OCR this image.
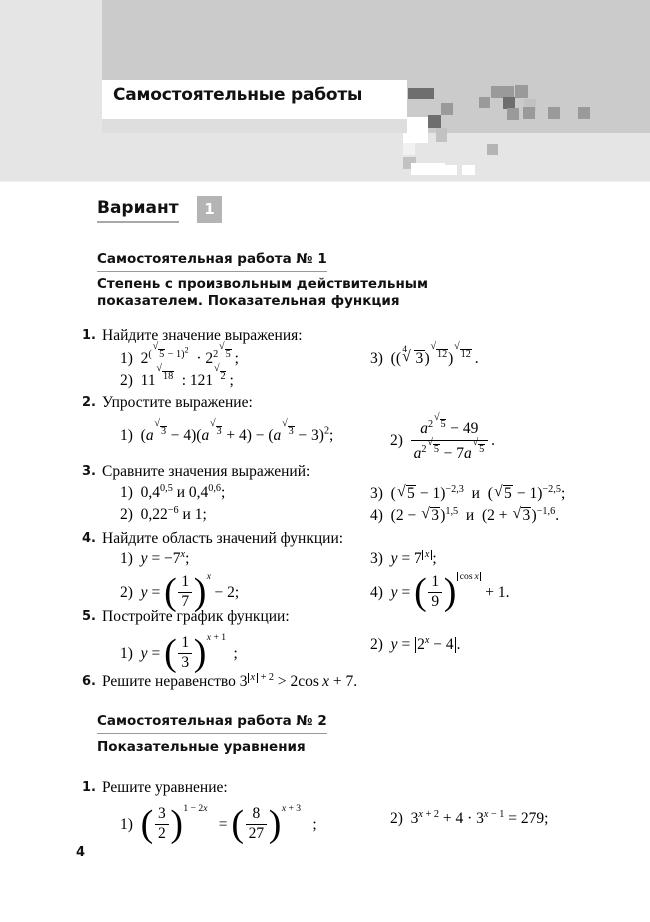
Самостоятельные работы
Вариант	1
Самостоятельная работа № 1
Степень с произвольным действительным показателем. Показательная функция
1. Найдите значение выражения:
1)  $2^{( √ 5 - 1)^2} \cdot 2^{2 √ 5}$ ;	3)  (( √ 4 3) √ $^{12}$) √ $^{12}$ .
2)  11 √ $^{18}$  : 121 √ $^2$ ;
2. Упростите выражение:
1)  (a √ $^3$ − 4)(a √ $^3$ + 4) − (a √ $^3$ − 3)$^2$;	$2) \frac{a^{2 √ 5} - 49}{a^{2 √ 5} - 7a √ ^5}$  .
3. Сравните значения выражений:
1)  0,4$^{0,5}$ и 0,4$^{0,6}$;	3)  ( √ 5 − 1)$^{-2,3}$  и  ( √ 5 − 1)$^{-2,5}$;
2)  $0,22^{-6}$ и 1;	4)  (2 − √ 3)$^{1,5}$  и  (2 + √ 3)$^{-1,6}$.
4. Найдите область значений функции:
1) $y = -7^x$;	3) y = 7 $^x$ ;
2) y = ( $\frac{1}{7} )x - 2$;	4) y = ( $\frac{1}{9}$ ) cos x + 1.
5. Постройте график функции:
1) y = ( $\frac{1}{3} )x + 1$  ;
2) $y = 2^x - 4$ .
6. Решите неравенство 3 $^{x + 2}$ > 2cos x + 7.
Самостоятельная работа № 2
Показательные уравнения
1. Решите уравнение:
1) ( $\frac{3}{2} )1 - 2x$   = ( $\frac{8}{27} )x + 3$   ;	2)  $3^{x + 2} + 4 \cdot 3^{x - 1} = 279$;
4
